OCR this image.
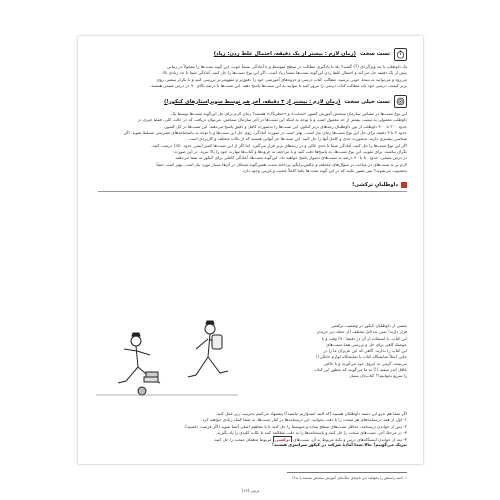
تست سخت
(زمان لازم : بیشتر از یک دقیقه، احتمال غلط زدن: زیاد)
یک داوطلب با چه ویژگی‌ای (?) گفتید؟ بله با یادگیری مطالب در سطح متوسط و با آمادگی نسبتاً خوب، این گونه تست‌ها را معمولاً در زمانی
بیش از یک دقیقه حل می‌کند و احتمال غلط زدن این‌گونه تست‌ها نسبتاً زیاد است. اگر این نوع تست‌ها را حل کنید، آمادگی شما تا حد زیادی بالا
می‌رود و می‌توانید به نتیجهٔ خوبی برسید. مطالب کتاب درسی و جزوه‌های آموزشی خود را دقیق‌تر و مفهومی‌تر بررسی کنید و با تکرار بیشتر، روی
برتر کیفیت درسی خود باید مطالب کتاب درسی را مرور کنید تا بتوانید به این تست‌ها پاسخ دهید. این تست‌ها تا درصد بالای ۹۰ در درس شیمی هستند.
تست خیلی سخت
(زمان لازم : بیشتر از ۳ دقیقه، آخر هم توسط سوپراستارهای کنکور!)
این نوع تست‌ها در مقیاس سازمان سنجش آموزش کشور «سخت» و «خطرناک» هستند؟ زمان لازم برای حل این‌گونه تست‌ها توسط یک
داوطلب معمولی به نسبت بیشتر از حد معمول است و با توجه به اینکه این تست‌ها در آخر سازمان سنجش، می‌توان دریافت که در حالت کلی، فقط چیزی در
حدود ۲۰۰ تا ۳۰۰ داوطلب از بین داوطلبان رتبه‌های برتر کنکور، این تست‌ها را به‌صورت کامل و دقیق پاسخ می‌دهند. این تست‌ها در کل کشور،
حدود ۲ تا ۳ دقیقه برای حل این نوع تست‌ها زمان نیاز است. بهتر است در صورت آمادگی، روی حل این تست‌ها و با توجه به پاسخنامه‌های تشریحی مسلط شوید. اگر
شناسی بیشتری دارید، به‌صورت جدی و کامل آنها را حل کنید. این تست‌ها جز آنهایی هستند که از نکات مختلف و کاربردی است.
اگر این نوع تست‌ها را حل کنید، آمادگی شما تا حدی عالی و در رتبه‌های برتر قرار می‌گیرد. اما اگر از این تست‌ها کمتر (یعنی حدود ۵۰٪) درست کنید،
نگران نباشید. برای تقویت این نوع تست‌ها، به پاسخ‌ها دقت کنید و با مراجعه به جزوه‌ها و کتاب‌ها مهارت خود را بالا ببرید. در این صورت
در درس شیمی، حدود ۸۰ تا ۹۰ درصد به تست‌های دشوار پاسخ خواهید داد. این‌گونه تست‌ها، آمادگی کاملی برای کنکور به شما می‌دهند.
لازم بر به تست‌های در مباحث در سؤال‌های مختلف و چالش‌برانگیز پرداخته شده، همین‌گونه مسائل در آن‌ها بسیار مورد نیاز است. بهتر است حتماً
محسوب می‌شوند؟ پس تصور نکنید که در این گونه تست‌ها نکتهٔ کاملاً عجیب و غریبی وجود دارد.
داوطلبانِ ترکشی!
بعضی از داوطلبان کنکور در وضعیت ترکشی
قرار دارند! یعنی به‌دلایل مختلف (از جمله دیر خریدن
این کتاب، یا استفاده از آن در دقیقهٔ ۹۰) وقت و یا
حوصلهٔ کافی برای حل و بررسی همهٔ تست‌های
این کتاب را ندارند. گاهی که این عزیزان ما را در
جایی (مثلاً نمایشگاه کتاب یا نمایشگاه لوازم خانگی!)
می‌بینند، گرمی به ابروی خود می‌آورند و با حالتی
عاقل اندر سفیه (!) به ما می‌گویند که چطور این کتاب
را سریع بخوانیم؟! کتاب‌تان بسیار
اگر شما هم جزو این دسته داوطلبان هستید (که البته امیدواریم نباشید!) پیشنهاد می‌کنیم به‌ترتیب زیر عمل کنید:
۱- اول از همه درسنامه‌های هر مبحث را با دقت بخوانید. این درسنامه‌ها در کنار تست‌ها، به شما کمک زیادی خواهند کرد.
۲- پس از خواندن درسنامه، حداقل تست‌های سطح ساده و متوسط را حل کنید تا با مفاهیم اصلی آشنا شوید (اگر فرصت داشتید).
۳- در مرحلهٔ آخر، تست‌های سخت را حل کنید و پاسخنامه‌ها را به دقت مطالعه کنید تا نکات کلیدی را یاد بگیرید.
۴- بعد از خواندن ایستگاه‌های درس و نکتهٔ مربوط به آن، تست‌های ترکشی مربوط به‌همان مبحث را حل کنید.
تبریک می‌گوییم! حالا شما آمادهٔ شرکت در کنکور سراسری هستید!
۱- البته راستش را بخواهید این نام‌های جنگ‌های آموزش سنجش هستند یا نه؟!
ترمی (۱۲)
